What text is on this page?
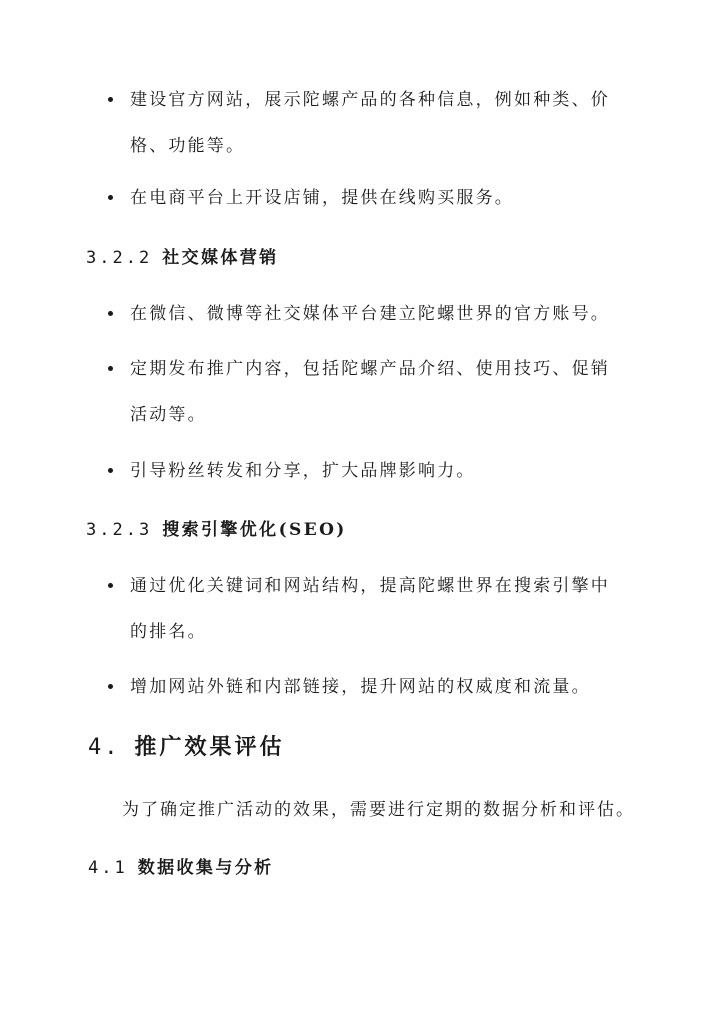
建设官方网站，展示陀螺产品的各种信息，例如种类、价格、功能等。
在电商平台上开设店铺，提供在线购买服务。
3.2.2 社交媒体营销
在微信、微博等社交媒体平台建立陀螺世界的官方账号。
定期发布推广内容，包括陀螺产品介绍、使用技巧、促销活动等。
引导粉丝转发和分享，扩大品牌影响力。
3.2.3 搜索引擎优化(SEO)
通过优化关键词和网站结构，提高陀螺世界在搜索引擎中的排名。
增加网站外链和内部链接，提升网站的权威度和流量。
4. 推广效果评估
为了确定推广活动的效果，需要进行定期的数据分析和评估。
4.1 数据收集与分析
